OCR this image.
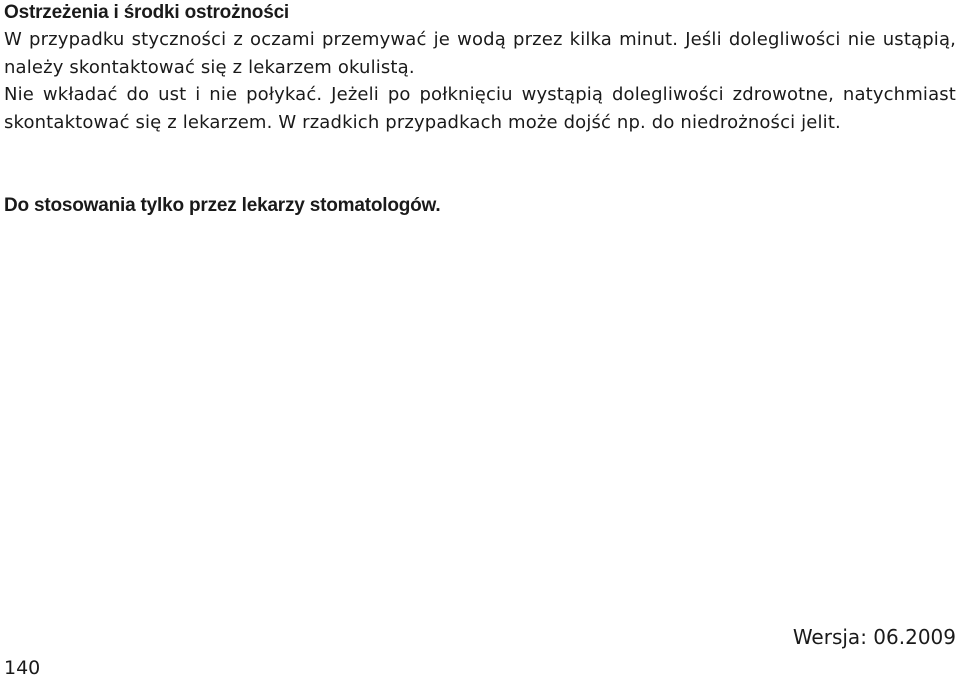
Ostrzeżenia i środki ostrożności

W przypadku styczności z oczami przemywać je wodą przez kilka minut. Jeśli dolegliwości nie ustąpią, należy skontaktować się z lekarzem okulistą.

Nie wkładać do ust i nie połykać. Jeżeli po połknięciu wystąpią dolegliwości zdrowotne, natychmiast skontaktować się z lekarzem. W rzadkich przypadkach może dojść np. do niedrożności jelit.

Do stosowania tylko przez lekarzy stomatologów.

140
Wersja: 06.2009
